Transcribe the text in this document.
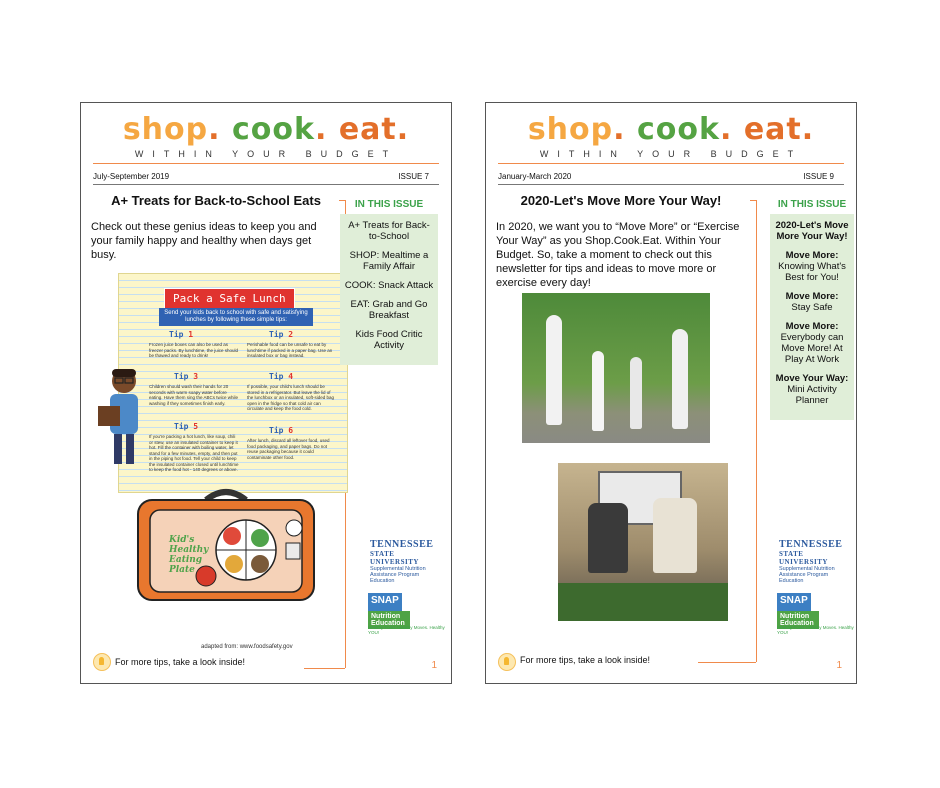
shop. cook. eat.
WITHIN YOUR BUDGET
July-September 2019	ISSUE 7
A+ Treats for Back-to-School Eats
Check out these genius ideas to keep you and your family happy and healthy when days get busy.
Pack a Safe Lunch
Send your kids back to school with safe and satisfying lunches by following these simple tips:
Tip 1
Frozen juice boxes can also be used as freezer packs. By lunchtime, the juice should be thawed and ready to drink!
Tip 2
Perishable food can be unsafe to eat by lunchtime if packed in a paper bag. Use an insulated box or bag instead.
Tip 3
Children should wash their hands for 20 seconds with warm soapy water before eating. Have them sing the ABCs twice while washing if they sometimes finish early.
Tip 4
If possible, your child's lunch should be stored in a refrigerator. But leave the lid of the lunchbox or an insulated, soft-sided bag open in the fridge so that cold air can circulate and keep the food cold.
Tip 5
If you're packing a hot lunch, like soup, chili or stew, use an insulated container to keep it hot. Fill the container with boiling water, let stand for a few minutes, empty, and then put in the piping hot food. Tell your child to keep the insulated container closed until lunchtime to keep the food hot - 140 degrees or above.
Tip 6
After lunch, discard all leftover food, used food packaging, and paper bags. Do not reuse packaging because it could contaminate other food.
Kid's Healthy Eating Plate
IN THIS ISSUE
A+ Treats for Back-to-School
SHOP: Mealtime a Family Affair
COOK: Snack Attack
EAT: Grab and Go Breakfast
Kids Food Critic Activity
TENNESSEE
STATE UNIVERSITY
Supplemental Nutrition Assistance Program Education
SNAPNutrition Education
Healthy Food. Healthy Moves. Healthy YOU!
adapted from: www.foodsafety.gov
For more tips, take a look inside!	1
shop. cook. eat.
WITHIN YOUR BUDGET
January-March 2020	ISSUE 9
2020-Let's Move More Your Way!
In 2020, we want you to “Move More” or “Exercise Your Way” as you Shop.Cook.Eat. Within Your Budget. So, take a moment to check out this newsletter for tips and ideas to move more or exercise every day!
IN THIS ISSUE
2020-Let's Move More Your Way!
Move More:
Knowing What's Best for You!
Move More:
Stay Safe
Move More:
Everybody can Move More! At Play At Work
Move Your Way:
Mini Activity Planner
TENNESSEE
STATE UNIVERSITY
Supplemental Nutrition Assistance Program Education
SNAPNutrition Education
Healthy Food. Healthy Moves. Healthy YOU!
For more tips, take a look inside!	1
